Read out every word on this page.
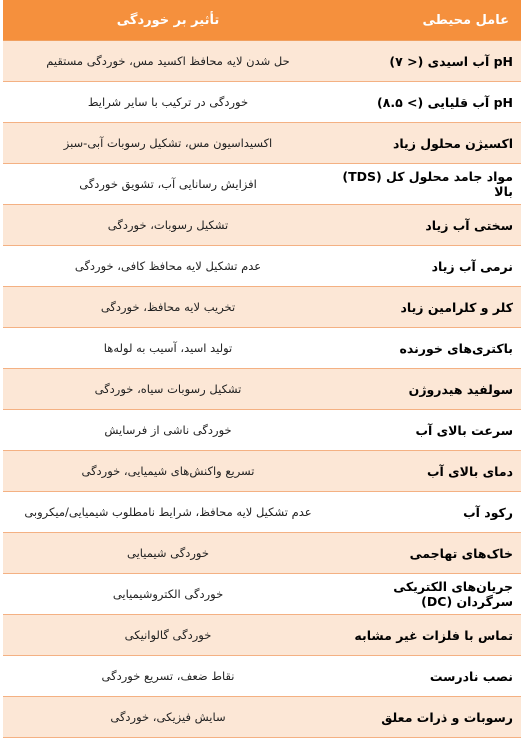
عامل محیطی	تأثیر بر خوردگی
pH آب اسیدی (< ۷)	حل شدن لایه محافظ اکسید مس، خوردگی مستقیم
pH آب قلیایی (> ۸.۵)	خوردگی در ترکیب با سایر شرایط
اکسیژن محلول زیاد	اکسیداسیون مس، تشکیل رسوبات آبی-سبز
مواد جامد محلول کل (TDS) بالا	افزایش رسانایی آب، تشویق خوردگی
سختی آب زیاد	تشکیل رسوبات، خوردگی
نرمی آب زیاد	عدم تشکیل لایه محافظ کافی، خوردگی
کلر و کلرامین زیاد	تخریب لایه محافظ، خوردگی
باکتری‌های خورنده	تولید اسید، آسیب به لوله‌ها
سولفید هیدروژن	تشکیل رسوبات سیاه، خوردگی
سرعت بالای آب	خوردگی ناشی از فرسایش
دمای بالای آب	تسریع واکنش‌های شیمیایی، خوردگی
رکود آب	عدم تشکیل لایه محافظ، شرایط نامطلوب شیمیایی/میکروبی
خاک‌های تهاجمی	خوردگی شیمیایی
جریان‌های الکتریکی سرگردان (DC)	خوردگی الکتروشیمیایی
تماس با فلزات غیر مشابه	خوردگی گالوانیکی
نصب نادرست	نقاط ضعف، تسریع خوردگی
رسوبات و ذرات معلق	سایش فیزیکی، خوردگی
